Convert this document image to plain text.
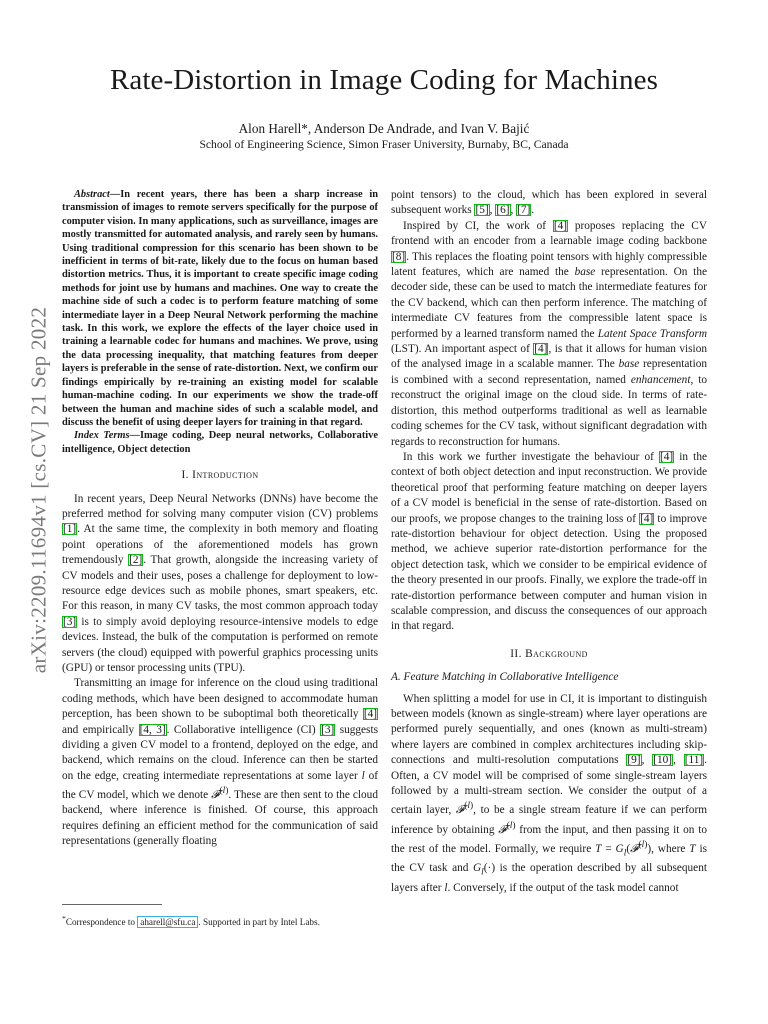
arXiv:2209.11694v1 [cs.CV] 21 Sep 2022
Rate-Distortion in Image Coding for Machines
Alon Harell*, Anderson De Andrade, and Ivan V. Bajić
School of Engineering Science, Simon Fraser University, Burnaby, BC, Canada

Abstract—In recent years, there has been a sharp increase in transmission of images to remote servers specifically for the purpose of computer vision. In many applications, such as surveillance, images are mostly transmitted for automated analysis, and rarely seen by humans. Using traditional compression for this scenario has been shown to be inefficient in terms of bit-rate, likely due to the focus on human based distortion metrics. Thus, it is important to create specific image coding methods for joint use by humans and machines. One way to create the machine side of such a codec is to perform feature matching of some intermediate layer in a Deep Neural Network performing the machine task. In this work, we explore the effects of the layer choice used in training a learnable codec for humans and machines. We prove, using the data processing inequality, that matching features from deeper layers is preferable in the sense of rate-distortion. Next, we confirm our findings empirically by re-training an existing model for scalable human-machine coding. In our experiments we show the trade-off between the human and machine sides of such a scalable model, and discuss the benefit of using deeper layers for training in that regard.

Index Terms—Image coding, Deep neural networks, Collaborative intelligence, Object detection

I. Introduction

In recent years, Deep Neural Networks (DNNs) have become the preferred method for solving many computer vision (CV) problems [1]. At the same time, the complexity in both memory and floating point operations of the aforementioned models has grown tremendously [2]. That growth, alongside the increasing variety of CV models and their uses, poses a challenge for deployment to low-resource edge devices such as mobile phones, smart speakers, etc. For this reason, in many CV tasks, the most common approach today [3] is to simply avoid deploying resource-intensive models to edge devices. Instead, the bulk of the computation is performed on remote servers (the cloud) equipped with powerful graphics processing units (GPU) or tensor processing units (TPU).

Transmitting an image for inference on the cloud using traditional coding methods, which have been designed to accommodate human perception, has been shown to be suboptimal both theoretically [4] and empirically [4, 3]. Collaborative intelligence (CI) [3] suggests dividing a given CV model to a frontend, deployed on the edge, and backend, which remains on the cloud. Inference can then be started on the edge, creating intermediate representations at some layer l of the CV model, which we denote 𝓕$^{(l)}$. These are then sent to the cloud backend, where inference is finished. Of course, this approach requires defining an efficient method for the communication of said representations (generally floating

*Correspondence to aharell@sfu.ca . Supported in part by Intel Labs.

point tensors) to the cloud, which has been explored in several subsequent works [5], [6], [7].

Inspired by CI, the work of [4] proposes replacing the CV frontend with an encoder from a learnable image coding backbone [8]. This replaces the floating point tensors with highly compressible latent features, which are named the base representation. On the decoder side, these can be used to match the intermediate features for the CV backend, which can then perform inference. The matching of intermediate CV features from the compressible latent space is performed by a learned transform named the Latent Space Transform (LST). An important aspect of [4], is that it allows for human vision of the analysed image in a scalable manner. The base representation is combined with a second representation, named enhancement, to reconstruct the original image on the cloud side. In terms of rate-distortion, this method outperforms traditional as well as learnable coding schemes for the CV task, without significant degradation with regards to reconstruction for humans.

In this work we further investigate the behaviour of [4] in the context of both object detection and input reconstruction. We provide theoretical proof that performing feature matching on deeper layers of a CV model is beneficial in the sense of rate-distortion. Based on our proofs, we propose changes to the training loss of [4] to improve rate-distortion behaviour for object detection. Using the proposed method, we achieve superior rate-distortion performance for the object detection task, which we consider to be empirical evidence of the theory presented in our proofs. Finally, we explore the trade-off in rate-distortion performance between computer and human vision in scalable compression, and discuss the consequences of our approach in that regard.

II. Background
A. Feature Matching in Collaborative Intelligence

When splitting a model for use in CI, it is important to distinguish between models (known as single-stream) where layer operations are performed purely sequentially, and ones (known as multi-stream) where layers are combined in complex architectures including skip-connections and multi-resolution computations [9], [10], [11]. Often, a CV model will be comprised of some single-stream layers followed by a multi-stream section. We consider the output of a certain layer, 𝓕$^{(l)}$, to be a single stream feature if we can perform inference by obtaining 𝓕$^{(l)}$ from the input, and then passing it on to the rest of the model. Formally, we require $T = G_l(𝓕^{(l)})$, where T is the CV task and $G_l(\cdot)$ is the operation described by all subsequent layers after l. Conversely, if the output of the task model cannot
